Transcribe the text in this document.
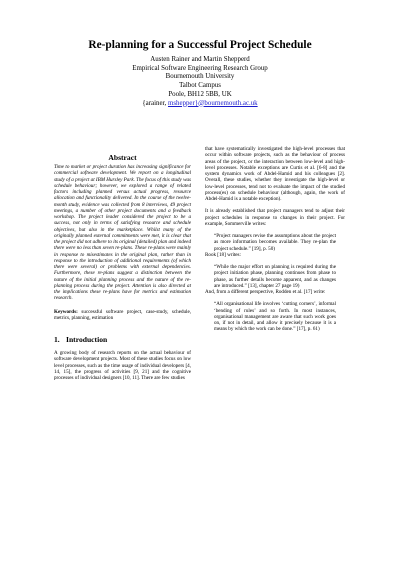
Re-planning for a Successful Project Schedule
Austen Rainer and Martin Shepperd
Empirical Software Engineering Research Group
Bournemouth University
Talbot Campus
Poole, BH12 5BB, UK
{arainer, mshepper}@bournemouth.ac.uk
Abstract

Time to market or project duration has increasing significance for commercial software development. We report on a longitudinal study of a project at IBM Hursley Park. The focus of this study was schedule behaviour; however, we explored a range of related factors including planned versus actual progress, resource allocation and functionality delivered. In the course of the twelve-month study, evidence was collected from 8 interviews, 49 project meetings, a number of other project documents and a feedback workshop. The project leader considered the project to be a success, not only in terms of satisfying resource and schedule objectives, but also in the marketplace. Whilst many of the originally planned external commitments were met, it is clear that the project did not adhere to its original (detailed) plan and indeed there were no less than seven re-plans. These re-plans were mainly in response to misestimates in the original plan, rather than in response to the introduction of additional requirements (of which there were several) or problems with external dependencies. Furthermore, these re-plans suggest a distinction between the nature of the initial planning process and the nature of the re-planning process during the project. Attention is also directed at the implications these re-plans have for metrics and estimation research.

Keywords: successful software project, case-study, schedule, metrics, planning, estimation

1. Introduction

A growing body of research reports on the actual behaviour of software development projects. Most of these studies focus on low level processes, such as the time usage of individual developers [4, 14, 15], the progress of activities [9, 21] and the cognitive processes of individual designers [10, 11]. There are few studies

that have systematically investigated the high-level processes that occur within software projects, such as the behaviour of process areas of the project, or the interaction between low-level and high-level processes. Notable exceptions are Curtis et al. [6-8] and the system dynamics work of Abdel-Hamid and his colleagues [2]. Overall, these studies, whether they investigate the high-level or low-level processes, tend not to evaluate the impact of the studied process(es) on schedule behaviour (although, again, the work of Abdel-Hamid is a notable exception).

It is already established that project managers tend to adjust their project schedules in response to changes in their project. For example, Sommerville writes:

“Project managers revise the assumptions about the project as more information becomes available. They re-plan the project schedule.” [19], p. 50)

Rook [18] writes:

“While the major effort on planning is required during the project initiation phase, planning continues from phase to phase, as further details become apparent, and as changes are introduced.” [13], chapter 27 page 19)

And, from a different perspective, Rodden et al. [17] write:

“All organisational life involves ‘cutting corners’, informal ‘bending of rules’ and so forth. In most instances, organisational management are aware that such work goes on, if not in detail, and allow it precisely because it is a means by which the work can be done.” [17], p. 61)
